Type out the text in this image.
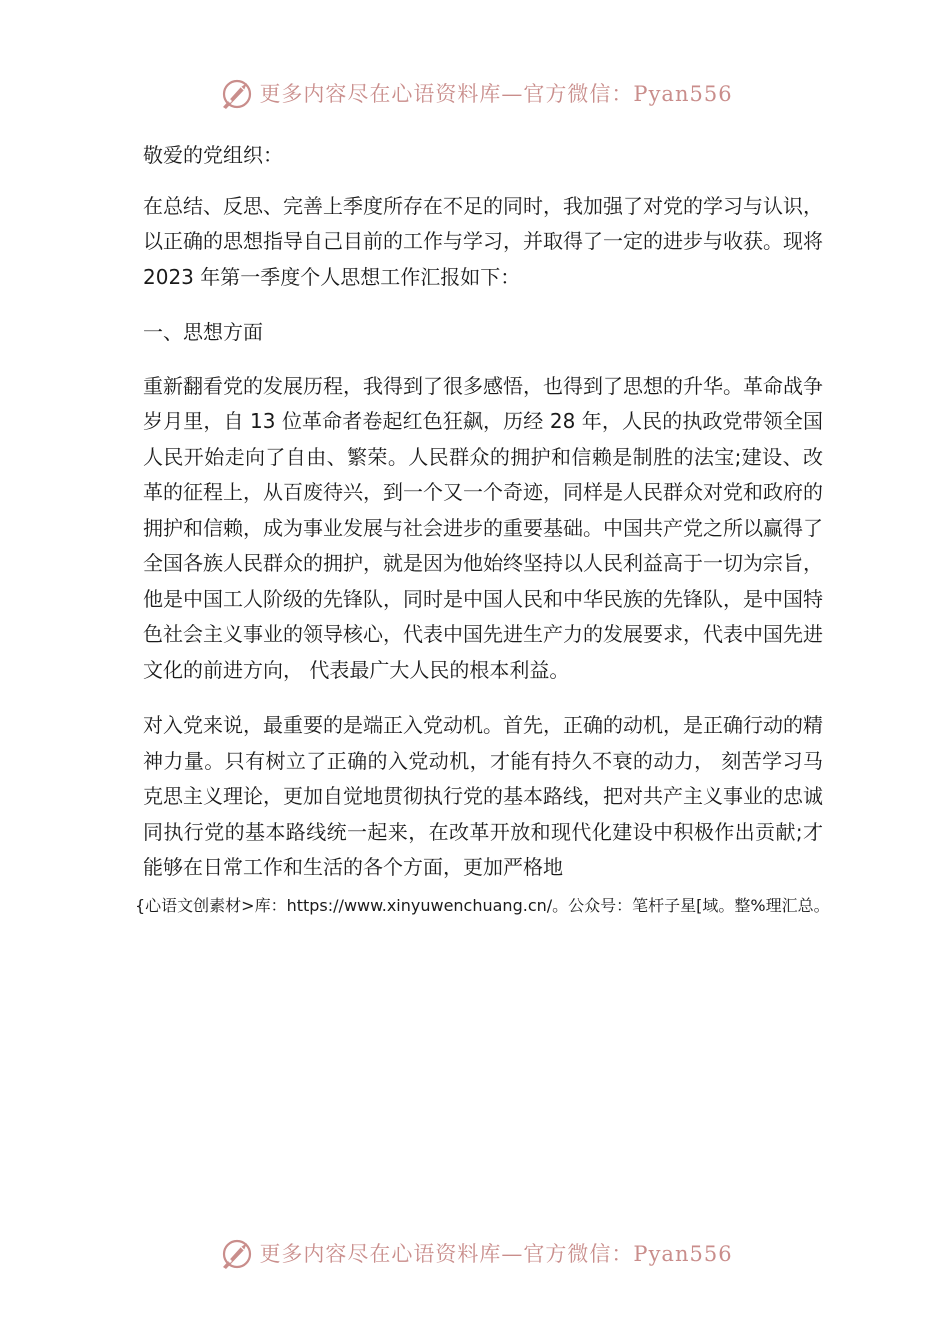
更多内容尽在心语资料库—官方微信：Pyan556

敬爱的党组织：

在总结、反思、完善上季度所存在不足的同时，我加强了对党的学习与认识，以正确的思想指导自己目前的工作与学习，并取得了一定的进步与收获。现将 2023 年第一季度个人思想工作汇报如下：

一、思想方面

重新翻看党的发展历程，我得到了很多感悟，也得到了思想的升华。革命战争岁月里，自 13 位革命者卷起红色狂飙，历经 28 年，人民的执政党带领全国人民开始走向了自由、繁荣。人民群众的拥护和信赖是制胜的法宝;建设、改革的征程上，从百废待兴，到一个又一个奇迹，同样是人民群众对党和政府的拥护和信赖，成为事业发展与社会进步的重要基础。中国共产党之所以赢得了全国各族人民群众的拥护，就是因为他始终坚持以人民利益高于一切为宗旨，他是中国工人阶级的先锋队，同时是中国人民和中华民族的先锋队，是中国特色社会主义事业的领导核心，代表中国先进生产力的发展要求，代表中国先进文化的前进方向， 代表最广大人民的根本利益。

对入党来说，最重要的是端正入党动机。首先，正确的动机，是正确行动的精神力量。只有树立了正确的入党动机，才能有持久不衰的动力， 刻苦学习马克思主义理论，更加自觉地贯彻执行党的基本路线，把对共产主义事业的忠诚同执行党的基本路线统一起来，在改革开放和现代化建设中积极作出贡献;才能够在日常工作和生活的各个方面，更加严格地

{心语文创素材>库：https://www.xinyuwenchuang.cn/。公众号：笔杆子星[域。整%理汇总。
更多内容尽在心语资料库—官方微信：Pyan556
